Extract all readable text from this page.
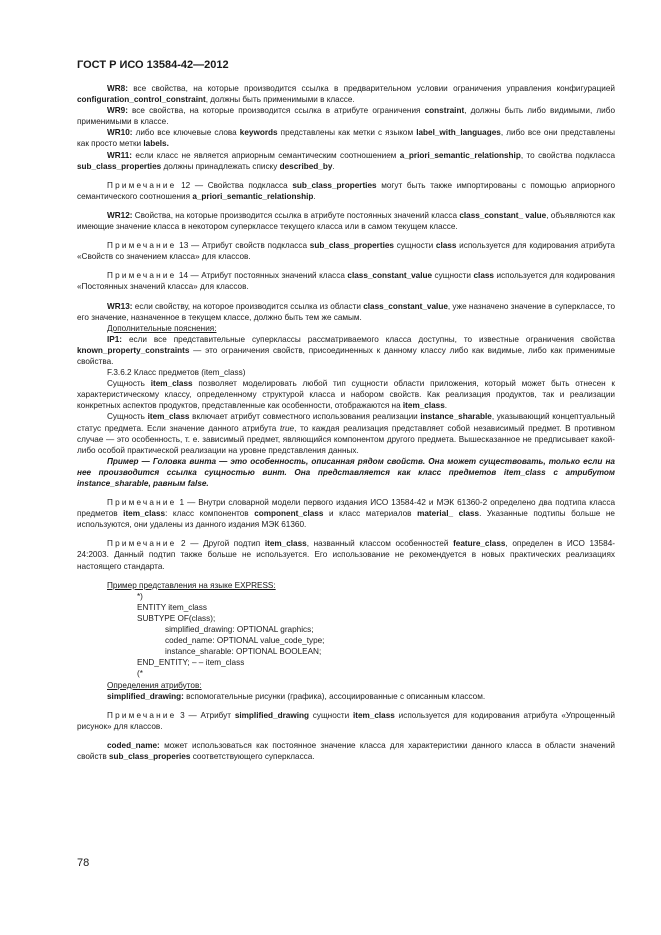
ГОСТ Р ИСО 13584-42—2012

WR8: все свойства, на которые производится ссылка в предварительном условии ограничения управления конфигурацией configuration_control_constraint, должны быть применимыми в классе.

WR9: все свойства, на которые производится ссылка в атрибуте ограничения constraint, должны быть либо видимыми, либо применимыми в классе.

WR10: либо все ключевые слова keywords представлены как метки с языком label_with_languages, либо все они представлены как просто метки labels.

WR11: если класс не является априорным семантическим соотношением a_priori_semantic_relationship, то свойства подкласса sub_class_properties должны принадлежать списку described_by.

Примечание 12 — Свойства подкласса sub_class_properties могут быть также импортированы с помощью априорного семантического соотношения a_priori_semantic_relationship.

WR12: Свойства, на которые производится ссылка в атрибуте постоянных значений класса class_constant_ value, объявляются как имеющие значение класса в некотором суперклассе текущего класса или в самом текущем классе.

Примечание 13 — Атрибут свойств подкласса sub_class_properties сущности class используется для кодирования атрибута «Свойств со значением класса» для классов.

Примечание 14 — Атрибут постоянных значений класса class_constant_value сущности class используется для кодирования «Постоянных значений класса» для классов.

WR13: если свойству, на которое производится ссылка из области class_constant_value, уже назначено значение в суперклассе, то его значение, назначенное в текущем классе, должно быть тем же самым.

Дополнительные пояснения:

IP1: если все представительные суперклассы рассматриваемого класса доступны, то известные ограничения свойства known_property_constraints — это ограничения свойств, присоединенных к данному классу либо как видимые, либо как применимые свойства.

F.3.6.2 Класс предметов (item_class)

Сущность item_class позволяет моделировать любой тип сущности области приложения, который может быть отнесен к характеристическому классу, определенному структурой класса и набором свойств. Как реализация продуктов, так и реализации конкретных аспектов продуктов, представленные как особенности, отображаются на item_class.

Сущность item_class включает атрибут совместного использования реализации instance_sharable, указывающий концептуальный статус предмета. Если значение данного атрибута true, то каждая реализация представляет собой независимый предмет. В противном случае — это особенность, т. е. зависимый предмет, являющийся компонентом другого предмета. Вышесказанное не предписывает какой-либо особой практической реализации на уровне представления данных.

Пример — Головка винта — это особенность, описанная рядом свойств. Она может существовать, только если на нее производится ссылка сущностью винт. Она представляется как класс предметов item_class с атрибутом instance_sharable, равным false.

Примечание 1 — Внутри словарной модели первого издания ИСО 13584-42 и МЭК 61360-2 определено два подтипа класса предметов item_class: класс компонентов component_class и класс материалов material_ class. Указанные подтипы больше не используются, они удалены из данного издания МЭК 61360.

Примечание 2 — Другой подтип item_class, названный классом особенностей feature_class, определен в ИСО 13584-24:2003. Данный подтип также больше не используется. Его использование не рекомендуется в новых практических реализациях настоящего стандарта.

Пример представления на языке EXPRESS:

*)

ENTITY item_class

SUBTYPE OF(class);

simplified_drawing: OPTIONAL graphics;

coded_name: OPTIONAL value_code_type;

instance_sharable: OPTIONAL BOOLEAN;

END_ENTITY; – – item_class

(*

Определения атрибутов:

simplified_drawing: вспомогательные рисунки (графика), ассоциированные с описанным классом.

Примечание 3 — Атрибут simplified_drawing сущности item_class используется для кодирования атрибута «Упрощенный рисунок» для классов.

coded_name: может использоваться как постоянное значение класса для характеристики данного класса в области значений свойств sub_class_properies соответствующего суперкласса.

78
